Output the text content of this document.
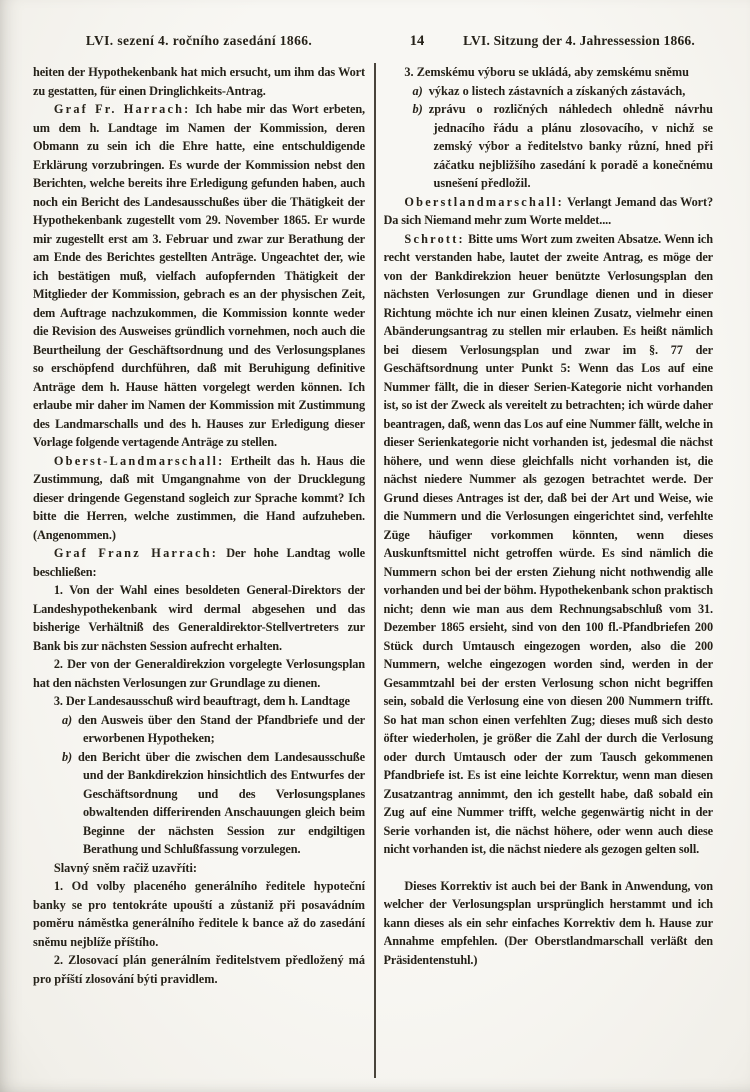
LVI. sezení 4. ročního zasedání 1866.	14	LVI. Sitzung der 4. Jahressession 1866.

heiten der Hypothekenbank hat mich ersucht, um ihm das Wort zu gestatten, für einen Dringlichkeits-Antrag.

Graf Fr. Harrach: Ich habe mir das Wort erbeten, um dem h. Landtage im Namen der Kommission, deren Obmann zu sein ich die Ehre hatte, eine entschuldigende Erklärung vorzubringen. Es wurde der Kommission nebst den Berichten, welche bereits ihre Erledigung gefunden haben, auch noch ein Bericht des Landesausschußes über die Thätigkeit der Hypothekenbank zugestellt vom 29. November 1865. Er wurde mir zugestellt erst am 3. Februar und zwar zur Berathung der am Ende des Berichtes gestellten Anträge. Ungeachtet der, wie ich bestätigen muß, vielfach aufopfernden Thätigkeit der Mitglieder der Kommission, gebrach es an der physischen Zeit, dem Auftrage nachzukommen, die Kommission konnte weder die Revision des Ausweises gründlich vornehmen, noch auch die Beurtheilung der Geschäftsordnung und des Verlosungsplanes so erschöpfend durchführen, daß mit Beruhigung definitive Anträge dem h. Hause hätten vorgelegt werden können. Ich erlaube mir daher im Namen der Kommission mit Zustimmung des Landmarschalls und des h. Hauses zur Erledigung dieser Vorlage folgende vertagende Anträge zu stellen.

Oberst-Landmarschall: Ertheilt das h. Haus die Zustimmung, daß mit Umgangnahme von der Drucklegung dieser dringende Gegenstand sogleich zur Sprache kommt? Ich bitte die Herren, welche zustimmen, die Hand aufzuheben. (Angenommen.)

Graf Franz Harrach: Der hohe Landtag wolle beschließen:

1. Von der Wahl eines besoldeten General-Direktors der Landeshypothekenbank wird dermal abgesehen und das bisherige Verhältniß des Generaldirektor-Stellvertreters zur Bank bis zur nächsten Session aufrecht erhalten.

2. Der von der Generaldirekzion vorgelegte Verlosungsplan hat den nächsten Verlosungen zur Grundlage zu dienen.

3. Der Landesausschuß wird beauftragt, dem h. Landtage

a) den Ausweis über den Stand der Pfandbriefe und der erworbenen Hypotheken;

b) den Bericht über die zwischen dem Landesausschuße und der Bankdirekzion hinsichtlich des Entwurfes der Geschäftsordnung und des Verlosungsplanes obwaltenden differirenden Anschauungen gleich beim Beginne der nächsten Session zur endgiltigen Berathung und Schlußfassung vorzulegen.

Slavný sněm račiž uzavříti:

1. Od volby placeného generálního ředitele hypoteční banky se pro tentokráte upouští a zůstaniž při posavádním poměru náměstka generálního ředitele k bance až do zasedání sněmu nejblíže příštího.

2. Zlosovací plán generálním ředitelstvem předložený má pro příští zlosování býti pravidlem.

3. Zemskému výboru se ukládá, aby zemskému sněmu

a) výkaz o listech zástavních a získaných zástavách,

b) zprávu o rozličných náhledech ohledně návrhu jednacího řádu a plánu zlosovacího, v nichž se zemský výbor a ředitelstvo banky různí, hned při záčatku nejbližšího zasedání k poradě a konečnému usnešení předložil.

Oberstlandmarschall: Verlangt Jemand das Wort? Da sich Niemand mehr zum Worte meldet....

Schrott: Bitte ums Wort zum zweiten Absatze. Wenn ich recht verstanden habe, lautet der zweite Antrag, es möge der von der Bankdirekzion heuer benützte Verlosungsplan den nächsten Verlosungen zur Grundlage dienen und in dieser Richtung möchte ich nur einen kleinen Zusatz, vielmehr einen Abänderungsantrag zu stellen mir erlauben. Es heißt nämlich bei diesem Verlosungsplan und zwar im §. 77 der Geschäftsordnung unter Punkt 5: Wenn das Los auf eine Nummer fällt, die in dieser Serien-Kategorie nicht vorhanden ist, so ist der Zweck als vereitelt zu betrachten; ich würde daher beantragen, daß, wenn das Los auf eine Nummer fällt, welche in dieser Serienkategorie nicht vorhanden ist, jedesmal die nächst höhere, und wenn diese gleichfalls nicht vorhanden ist, die nächst niedere Nummer als gezogen betrachtet werde. Der Grund dieses Antrages ist der, daß bei der Art und Weise, wie die Nummern und die Verlosungen eingerichtet sind, verfehlte Züge häufiger vorkommen könnten, wenn dieses Auskunftsmittel nicht getroffen würde. Es sind nämlich die Nummern schon bei der ersten Ziehung nicht nothwendig alle vorhanden und bei der böhm. Hypothekenbank schon praktisch nicht; denn wie man aus dem Rechnungsabschluß vom 31. Dezember 1865 ersieht, sind von den 100 fl.-Pfandbriefen 200 Stück durch Umtausch eingezogen worden, also die 200 Nummern, welche eingezogen worden sind, werden in der Gesammtzahl bei der ersten Verlosung schon nicht begriffen sein, sobald die Verlosung eine von diesen 200 Nummern trifft. So hat man schon einen verfehlten Zug; dieses muß sich desto öfter wiederholen, je größer die Zahl der durch die Verlosung oder durch Umtausch oder der zum Tausch gekommenen Pfandbriefe ist. Es ist eine leichte Korrektur, wenn man diesen Zusatzantrag annimmt, den ich gestellt habe, daß sobald ein Zug auf eine Nummer trifft, welche gegenwärtig nicht in der Serie vorhanden ist, die nächst höhere, oder wenn auch diese nicht vorhanden ist, die nächst niedere als gezogen gelten soll.

Dieses Korrektiv ist auch bei der Bank in Anwendung, von welcher der Verlosungsplan ursprünglich herstammt und ich kann dieses als ein sehr einfaches Korrektiv dem h. Hause zur Annahme empfehlen. (Der Oberstlandmarschall verläßt den Präsidentenstuhl.)
